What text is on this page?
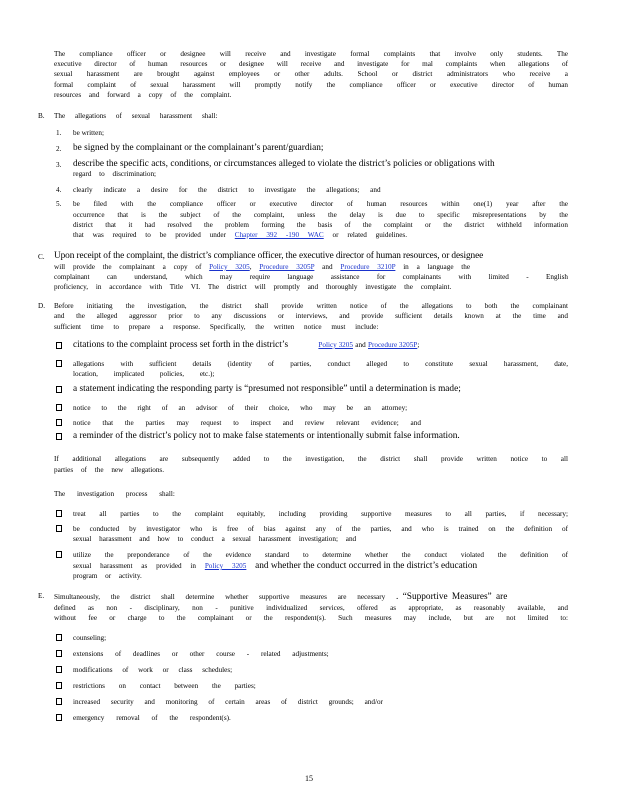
The compliance officer or designee will receive and investigate formal complaints that involve only students. The
executive director of human resources or designee will receive and investigate for mal complaints when allegations of
sexual harassment are brought against employees or other adults. School or district administrators who receive a
formal complaint of sexual harassment will promptly notify the compliance officer or executive director of human
resources and forward a copy of the complaint.
B. The allegations of sexual harassment shall:
1. be written;
2. be signed by the complainant or the complainant’s parent/guardian;
3. describe the specific acts, conditions, or circumstances alleged to violate the district’s policies or obligations with
regard to discrimination;
4. clearly indicate a desire for the district to investigate the allegations; and
5. be filed with the compliance officer or executive director of human resources within one(1) year after the
occurrence that is the subject of the complaint, unless the delay is due to specific misrepresentations by the
district that it had resolved the problem forming the basis of the complaint or the district withheld information
that was required to be provided under Chapter 392 -190 WAC or related guidelines.
C. Upon receipt of the complaint, the district’s compliance officer, the executive director of human resources, or designee
will provide the complainant a copy of Policy 3205, Procedure 3205P and Procedure 3210P in a language the
complainant can understand, which may require language assistance for complainants with limited - English
proficiency, in accordance with Title VI. The district will promptly and thoroughly investigate the complaint.
D. Before initiating the investigation, the district shall provide written notice of the allegations to both the complainant
and the alleged aggressor prior to any discussions or interviews, and provide sufficient details known at the time and
sufficient time to prepare a response. Specifically, the written notice must include:
citations to the complaint process set forth in the district’s	Policy 3205 and Procedure 3205P;
allegations with sufficient details (identity of parties, conduct alleged to constitute sexual harassment, date,
location, implicated policies, etc.);
a statement indicating the responding party is “presumed not responsible” until a determination is made;
notice to the right of an advisor of their choice, who may be an attorney;
notice that the parties may request to inspect and review relevant evidence; and
a reminder of the district’s policy not to make false statements or intentionally submit false information.
If additional allegations are subsequently added to the investigation, the district shall provide written notice to all
parties of the new allegations.
The investigation process shall:
treat all parties to the complaint equitably, including providing supportive measures to all parties, if necessary;
be conducted by investigator who is free of bias against any of the parties, and who is trained on the definition of
sexual harassment and how to conduct a sexual harassment investigation; and
utilize the preponderance of the evidence standard to determine whether the conduct violated the definition of
sexual harassment as provided in Policy 3205 and whether the conduct occurred in the district’s education
program or activity.
E. Simultaneously, the district shall determine whether supportive measures are necessary . “Supportive Measures” are
defined as non - disciplinary, non - punitive individualized services, offered as appropriate, as reasonably available, and
without fee or charge to the complainant or the respondent(s). Such measures may include, but are not limited to:
counseling;
extensions of deadlines or other course - related adjustments;
modifications of work or class schedules;
restrictions on contact between the parties;
increased security and monitoring of certain areas of district grounds; and/or
emergency removal of the respondent(s).
15
